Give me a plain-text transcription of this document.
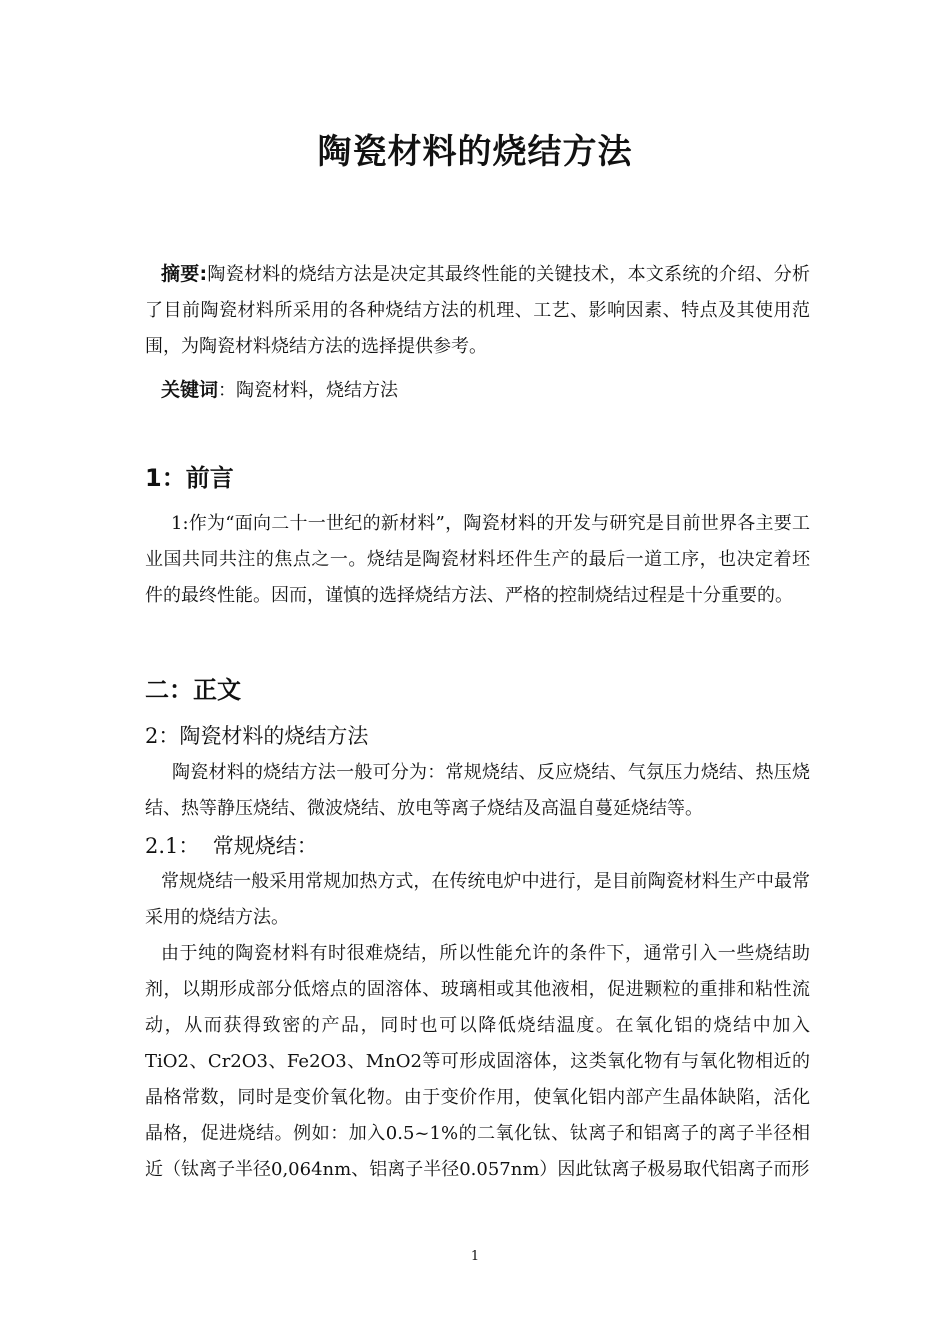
陶瓷材料的烧结方法
摘要:陶瓷材料的烧结方法是决定其最终性能的关键技术，本文系统的介绍、分析了目前陶瓷材料所采用的各种烧结方法的机理、工艺、影响因素、特点及其使用范围，为陶瓷材料烧结方法的选择提供参考。
关键词：陶瓷材料，烧结方法
1：前言
1:作为“面向二十一世纪的新材料”，陶瓷材料的开发与研究是目前世界各主要工业国共同共注的焦点之一。烧结是陶瓷材料坯件生产的最后一道工序，也决定着坯件的最终性能。因而，谨慎的选择烧结方法、严格的控制烧结过程是十分重要的。
二：正文
2：陶瓷材料的烧结方法
陶瓷材料的烧结方法一般可分为：常规烧结、反应烧结、气氛压力烧结、热压烧结、热等静压烧结、微波烧结、放电等离子烧结及高温自蔓延烧结等。
2.1：  常规烧结：
常规烧结一般采用常规加热方式，在传统电炉中进行，是目前陶瓷材料生产中最常采用的烧结方法。
由于纯的陶瓷材料有时很难烧结，所以性能允许的条件下，通常引入一些烧结助剂，以期形成部分低熔点的固溶体、玻璃相或其他液相，促进颗粒的重排和粘性流动，从而获得致密的产品，同时也可以降低烧结温度。在氧化铝的烧结中加入TiO2、Cr2O3、Fe2O3、MnO2等可形成固溶体，这类氧化物有与氧化物相近的晶格常数，同时是变价氧化物。由于变价作用，使氧化铝内部产生晶体缺陷，活化晶格，促进烧结。例如：加入0.5~1%的二氧化钛、钛离子和铝离子的离子半径相近（钛离子半径0,064nm、铝离子半径0.057nm）因此钛离子极易取代铝离子而形
1
